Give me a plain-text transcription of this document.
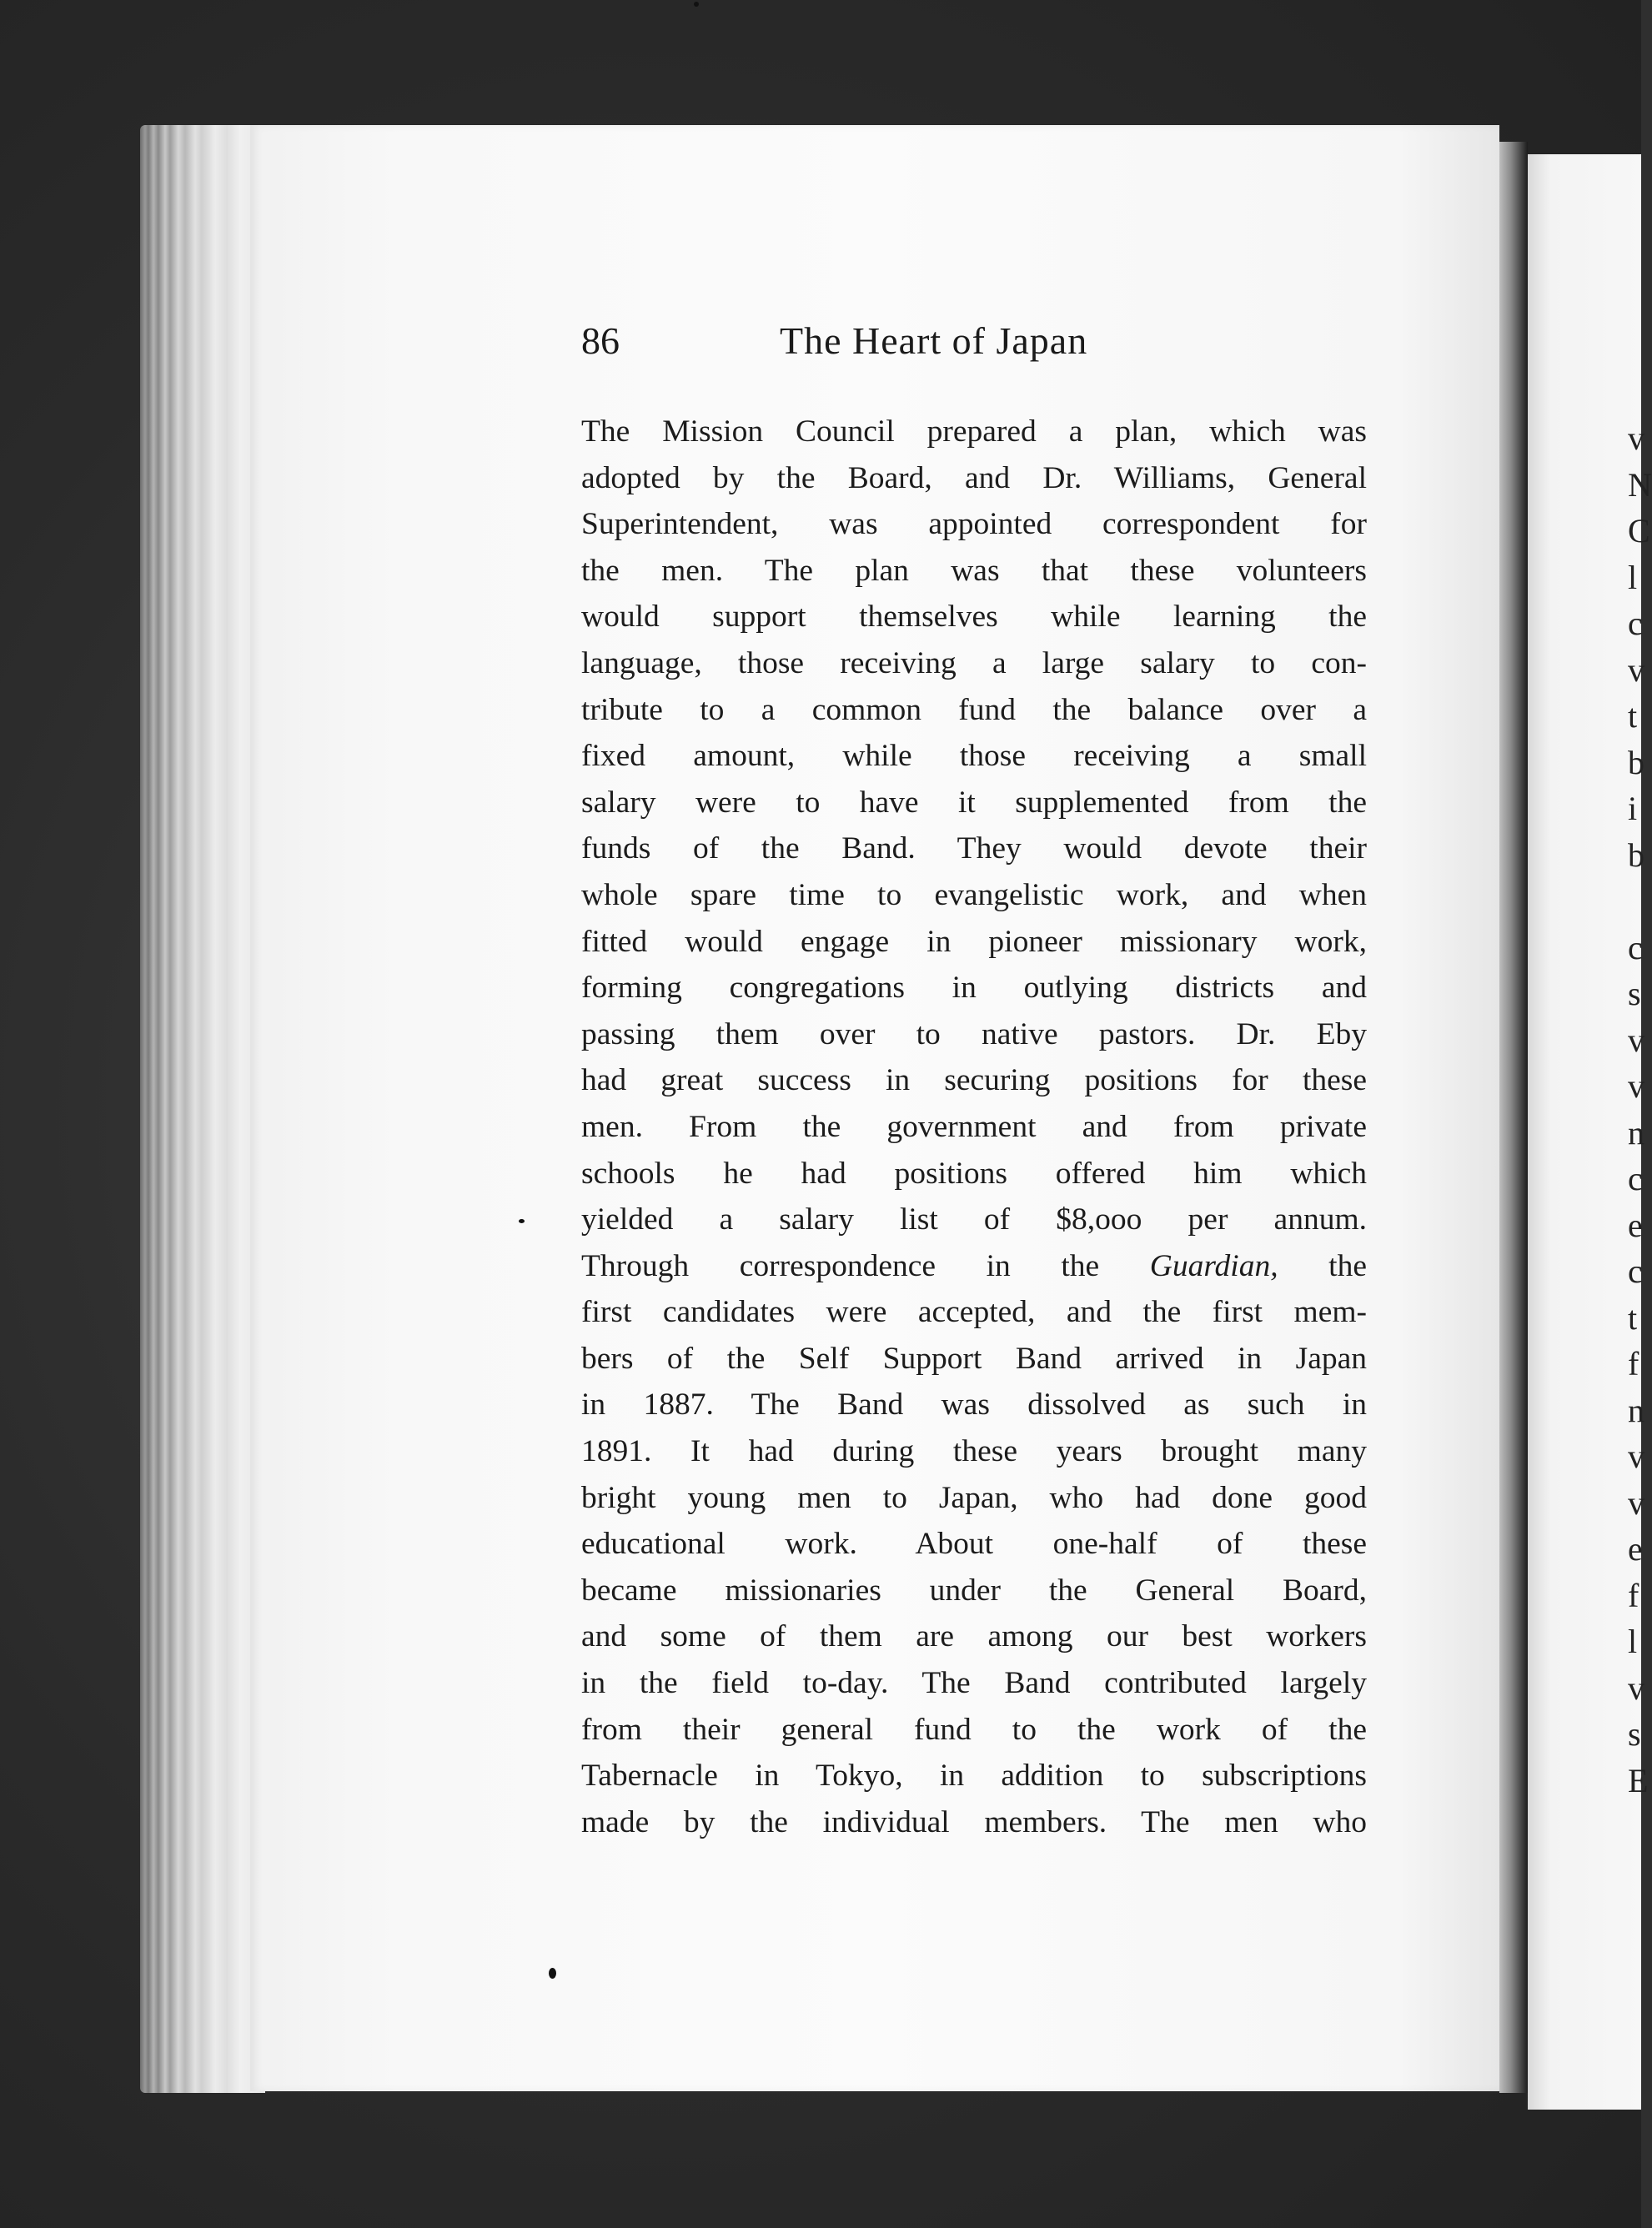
v
N
C
l
c
v
t
b
i
b
c
s
v
v
n
c
e
c
t
f
n
v
v
e
f
l
v
s
E
86	The Heart of Japan
The Mission Council prepared a plan, which was
adopted by the Board, and Dr. Williams, General
Superintendent, was appointed correspondent for
the men. The plan was that these volunteers
would support themselves while learning the
language, those receiving a large salary to con-
tribute to a common fund the balance over a
fixed amount, while those receiving a small
salary were to have it supplemented from the
funds of the Band. They would devote their
whole spare time to evangelistic work, and when
fitted would engage in pioneer missionary work,
forming congregations in outlying districts and
passing them over to native pastors. Dr. Eby
had great success in securing positions for these
men. From the government and from private
schools he had positions offered him which
yielded a salary list of $8,ooo per annum.
Through correspondence in the Guardian, the
first candidates were accepted, and the first mem-
bers of the Self Support Band arrived in Japan
in 1887. The Band was dissolved as such in
1891. It had during these years brought many
bright young men to Japan, who had done good
educational work. About one-half of these
became missionaries under the General Board,
and some of them are among our best workers
in the field to-day. The Band contributed largely
from their general fund to the work of the
Tabernacle in Tokyo, in addition to subscriptions
made by the individual members. The men who
